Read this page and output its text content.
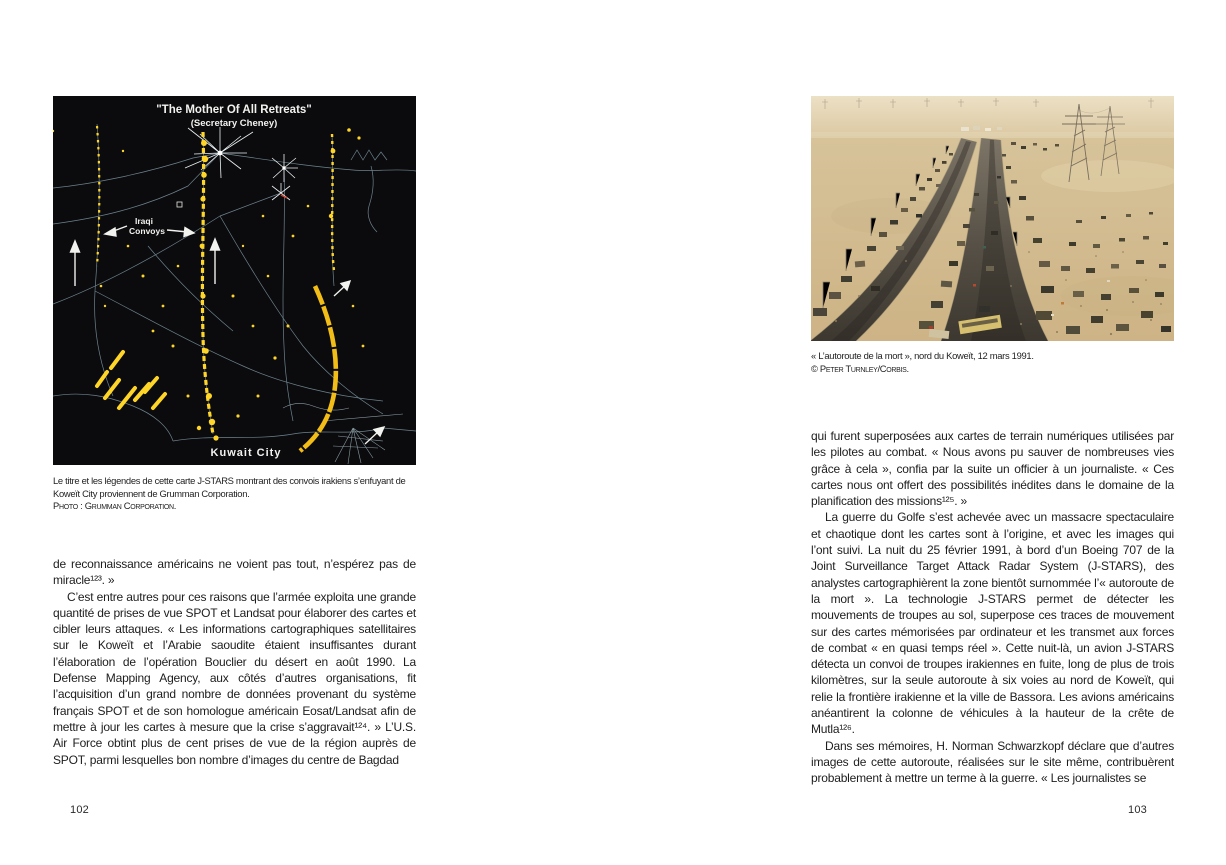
"The Mother Of All Retreats"
(Secretary Cheney)
Iraqi
Convoys
Kuwait City
Le titre et les légendes de cette carte J-STARS montrant des convois irakiens s’enfuyant de Koweït City proviennent de Grumman Corporation.
Photo : Grumman Corporation.

de reconnaissance américains ne voient pas tout, n’espérez pas de miracle¹²³. »

C’est entre autres pour ces raisons que l’armée exploita une grande quantité de prises de vue SPOT et Landsat pour élaborer des cartes et cibler leurs attaques. « Les informations cartographiques satellitaires sur le Koweït et l’Arabie saoudite étaient insuffisantes durant l’élaboration de l’opération Bouclier du désert en août 1990. La Defense Mapping Agency, aux côtés d’autres organisations, fit l’acquisition d’un grand nombre de données provenant du système français SPOT et de son homologue américain Eosat/Landsat afin de mettre à jour les cartes à mesure que la crise s’aggravait¹²⁴. » L’U.S. Air Force obtint plus de cent prises de vue de la région auprès de SPOT, parmi lesquelles bon nombre d’images du centre de Bagdad

102
« L’autoroute de la mort », nord du Koweït, 12 mars 1991.
© Peter Turnley/Corbis.

qui furent superposées aux cartes de terrain numériques utilisées par les pilotes au combat. « Nous avons pu sauver de nombreuses vies grâce à cela », confia par la suite un officier à un journaliste. « Ces cartes nous ont offert des possibilités inédites dans le domaine de la planification des missions¹²⁵. »

La guerre du Golfe s’est achevée avec un massacre spectaculaire et chaotique dont les cartes sont à l’origine, et avec les images qui l’ont suivi. La nuit du 25 février 1991, à bord d’un Boeing 707 de la Joint Surveillance Target Attack Radar System (J-STARS), des analystes cartographièrent la zone bientôt surnommée l’« autoroute de la mort ». La technologie J-STARS permet de détecter les mouvements de troupes au sol, superpose ces traces de mouvement sur des cartes mémorisées par ordinateur et les transmet aux forces de combat « en quasi temps réel ». Cette nuit-là, un avion J-STARS détecta un convoi de troupes irakiennes en fuite, long de plus de trois kilomètres, sur la seule autoroute à six voies au nord de Koweït, qui relie la frontière irakienne et la ville de Bassora. Les avions américains anéantirent la colonne de véhicules à la hauteur de la crête de Mutla¹²⁶.

Dans ses mémoires, H. Norman Schwarzkopf déclare que d’autres images de cette autoroute, réalisées sur le site même, contribuèrent probablement à mettre un terme à la guerre. « Les journalistes se

103
